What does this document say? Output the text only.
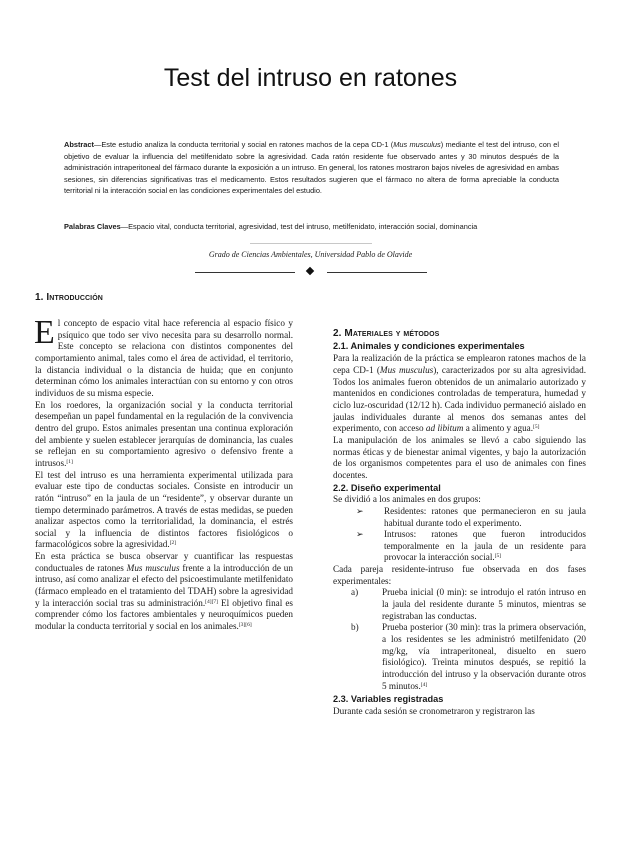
Test del intruso en ratones
Abstract—Este estudio analiza la conducta territorial y social en ratones machos de la cepa CD-1 (Mus musculus) mediante el test del intruso, con el objetivo de evaluar la influencia del metilfenidato sobre la agresividad. Cada ratón residente fue observado antes y 30 minutos después de la administración intraperitoneal del fármaco durante la exposición a un intruso. En general, los ratones mostraron bajos niveles de agresividad en ambas sesiones, sin diferencias significativas tras el medicamento. Estos resultados sugieren que el fármaco no altera de forma apreciable la conducta territorial ni la interacción social en las condiciones experimentales del estudio.
Palabras Claves—Espacio vital, conducta territorial, agresividad, test del intruso, metilfenidato, interacción social, dominancia
Grado de Ciencias Ambientales, Universidad Pablo de Olavide
1. Introducción

El concepto de espacio vital hace referencia al espacio físico y psíquico que todo ser vivo necesita para su desarrollo normal. Este concepto se relaciona con distintos componentes del comportamiento animal, tales como el área de actividad, el territorio, la distancia individual o la distancia de huida; que en conjunto determinan cómo los animales interactúan con su entorno y con otros individuos de su misma especie.

En los roedores, la organización social y la conducta territorial desempeñan un papel fundamental en la regulación de la convivencia dentro del grupo. Estos animales presentan una continua exploración del ambiente y suelen establecer jerarquías de dominancia, las cuales se reflejan en su comportamiento agresivo o defensivo frente a intrusos.[1]

El test del intruso es una herramienta experimental utilizada para evaluar este tipo de conductas sociales. Consiste en introducir un ratón “intruso” en la jaula de un “residente”, y observar durante un tiempo determinado parámetros. A través de estas medidas, se pueden analizar aspectos como la territorialidad, la dominancia, el estrés social y la influencia de distintos factores fisiológicos o farmacológicos sobre la agresividad.[2]

En esta práctica se busca observar y cuantificar las respuestas conductuales de ratones Mus musculus frente a la introducción de un intruso, así como analizar el efecto del psicoestimulante metilfenidato (fármaco empleado en el tratamiento del TDAH) sobre la agresividad y la interacción social tras su administración.[4][7] El objetivo final es comprender cómo los factores ambientales y neuroquímicos pueden modular la conducta territorial y social en los animales.[3][6]

2. Materiales y métodos
2.1. Animales y condiciones experimentales

Para la realización de la práctica se emplearon ratones machos de la cepa CD-1 (Mus musculus), caracterizados por su alta agresividad. Todos los animales fueron obtenidos de un animalario autorizado y mantenidos en condiciones controladas de temperatura, humedad y ciclo luz-oscuridad (12/12 h). Cada individuo permaneció aislado en jaulas individuales durante al menos dos semanas antes del experimento, con acceso ad libitum a alimento y agua.[5]

La manipulación de los animales se llevó a cabo siguiendo las normas éticas y de bienestar animal vigentes, y bajo la autorización de los organismos competentes para el uso de animales con fines docentes.

2.2. Diseño experimental

Se dividió a los animales en dos grupos:

➢ Residentes: ratones que permanecieron en su jaula habitual durante todo el experimento.
➢ Intrusos: ratones que fueron introducidos temporalmente en la jaula de un residente para provocar la interacción social.[5]

Cada pareja residente-intruso fue observada en dos fases experimentales:

a)	Prueba inicial (0 min): se introdujo el ratón intruso en la jaula del residente durante 5 minutos, mientras se registraban las conductas.
b)	Prueba posterior (30 min): tras la primera observación, a los residentes se les administró metilfenidato (20 mg/kg, vía intraperitoneal, disuelto en suero fisiológico). Treinta minutos después, se repitió la introducción del intruso y la observación durante otros 5 minutos.[4]
2.3. Variables registradas

Durante cada sesión se cronometraron y registraron las
